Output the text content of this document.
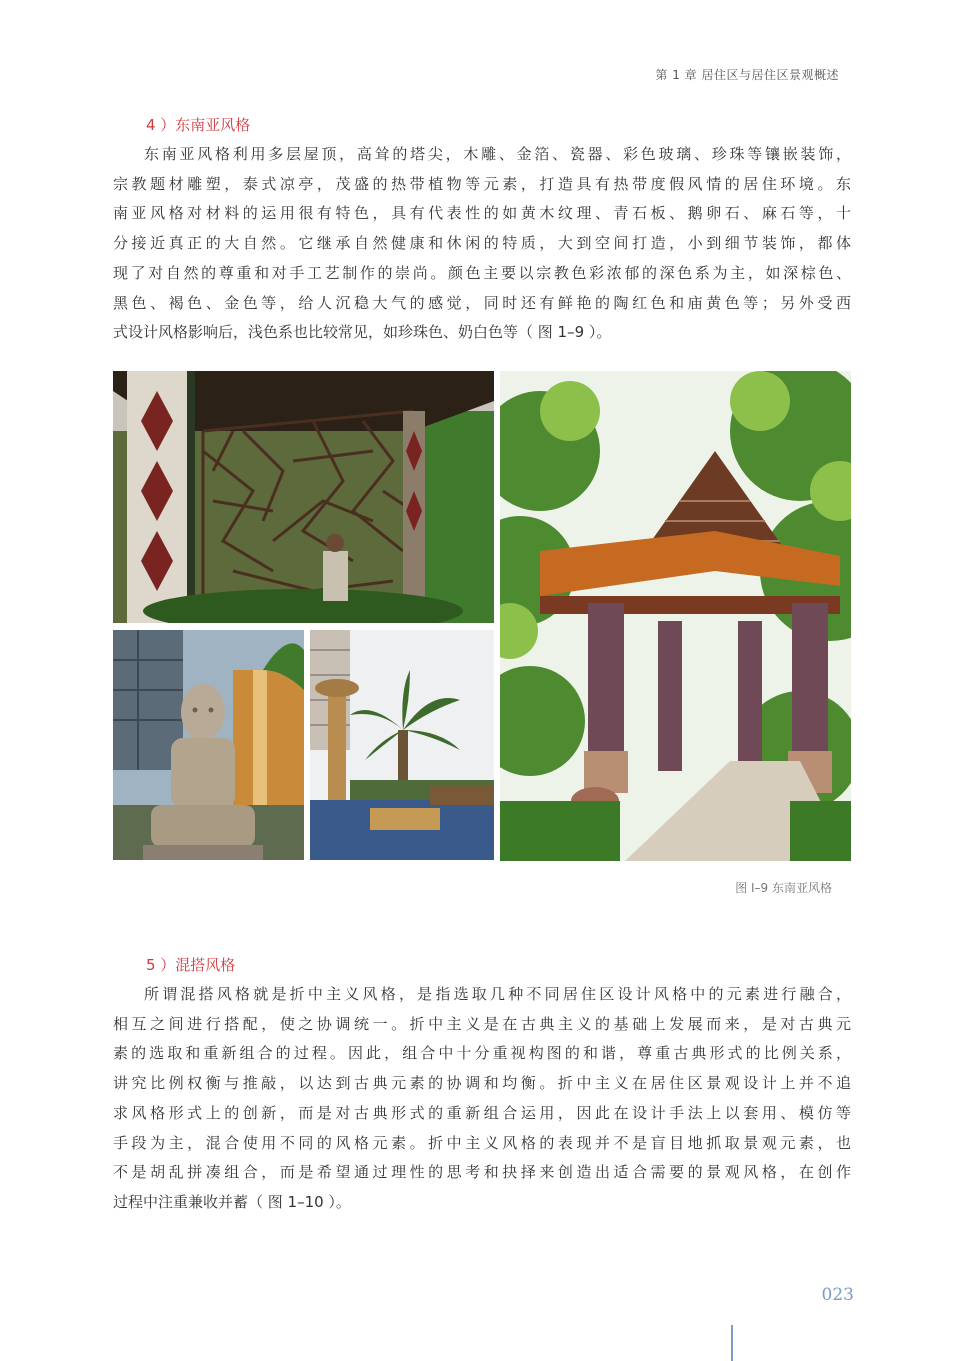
第 1 章 居住区与居住区景观概述
4 ）东南亚风格
东南亚风格利用多层屋顶，高耸的塔尖，木雕、金箔、瓷器、彩色玻璃、珍珠等镶嵌装饰，
宗教题材雕塑，泰式凉亭，茂盛的热带植物等元素，打造具有热带度假风情的居住环境。东
南亚风格对材料的运用很有特色，具有代表性的如黄木纹理、青石板、鹅卵石、麻石等，十
分接近真正的大自然。它继承自然健康和休闲的特质，大到空间打造，小到细节装饰，都体
现了对自然的尊重和对手工艺制作的崇尚。颜色主要以宗教色彩浓郁的深色系为主，如深棕色、
黑色、褐色、金色等，给人沉稳大气的感觉，同时还有鲜艳的陶红色和庙黄色等；另外受西
式设计风格影响后，浅色系也比较常见，如珍珠色、奶白色等（ 图 1–9 ）。
图 I–9 东南亚风格
5 ）混搭风格
所谓混搭风格就是折中主义风格，是指选取几种不同居住区设计风格中的元素进行融合，
相互之间进行搭配，使之协调统一。折中主义是在古典主义的基础上发展而来，是对古典元
素的选取和重新组合的过程。因此，组合中十分重视构图的和谐，尊重古典形式的比例关系，
讲究比例权衡与推敲，以达到古典元素的协调和均衡。折中主义在居住区景观设计上并不追
求风格形式上的创新，而是对古典形式的重新组合运用，因此在设计手法上以套用、模仿等
手段为主，混合使用不同的风格元素。折中主义风格的表现并不是盲目地抓取景观元素，也
不是胡乱拼凑组合，而是希望通过理性的思考和抉择来创造出适合需要的景观风格，在创作
过程中注重兼收并蓄（ 图 1–10 ）。
023
